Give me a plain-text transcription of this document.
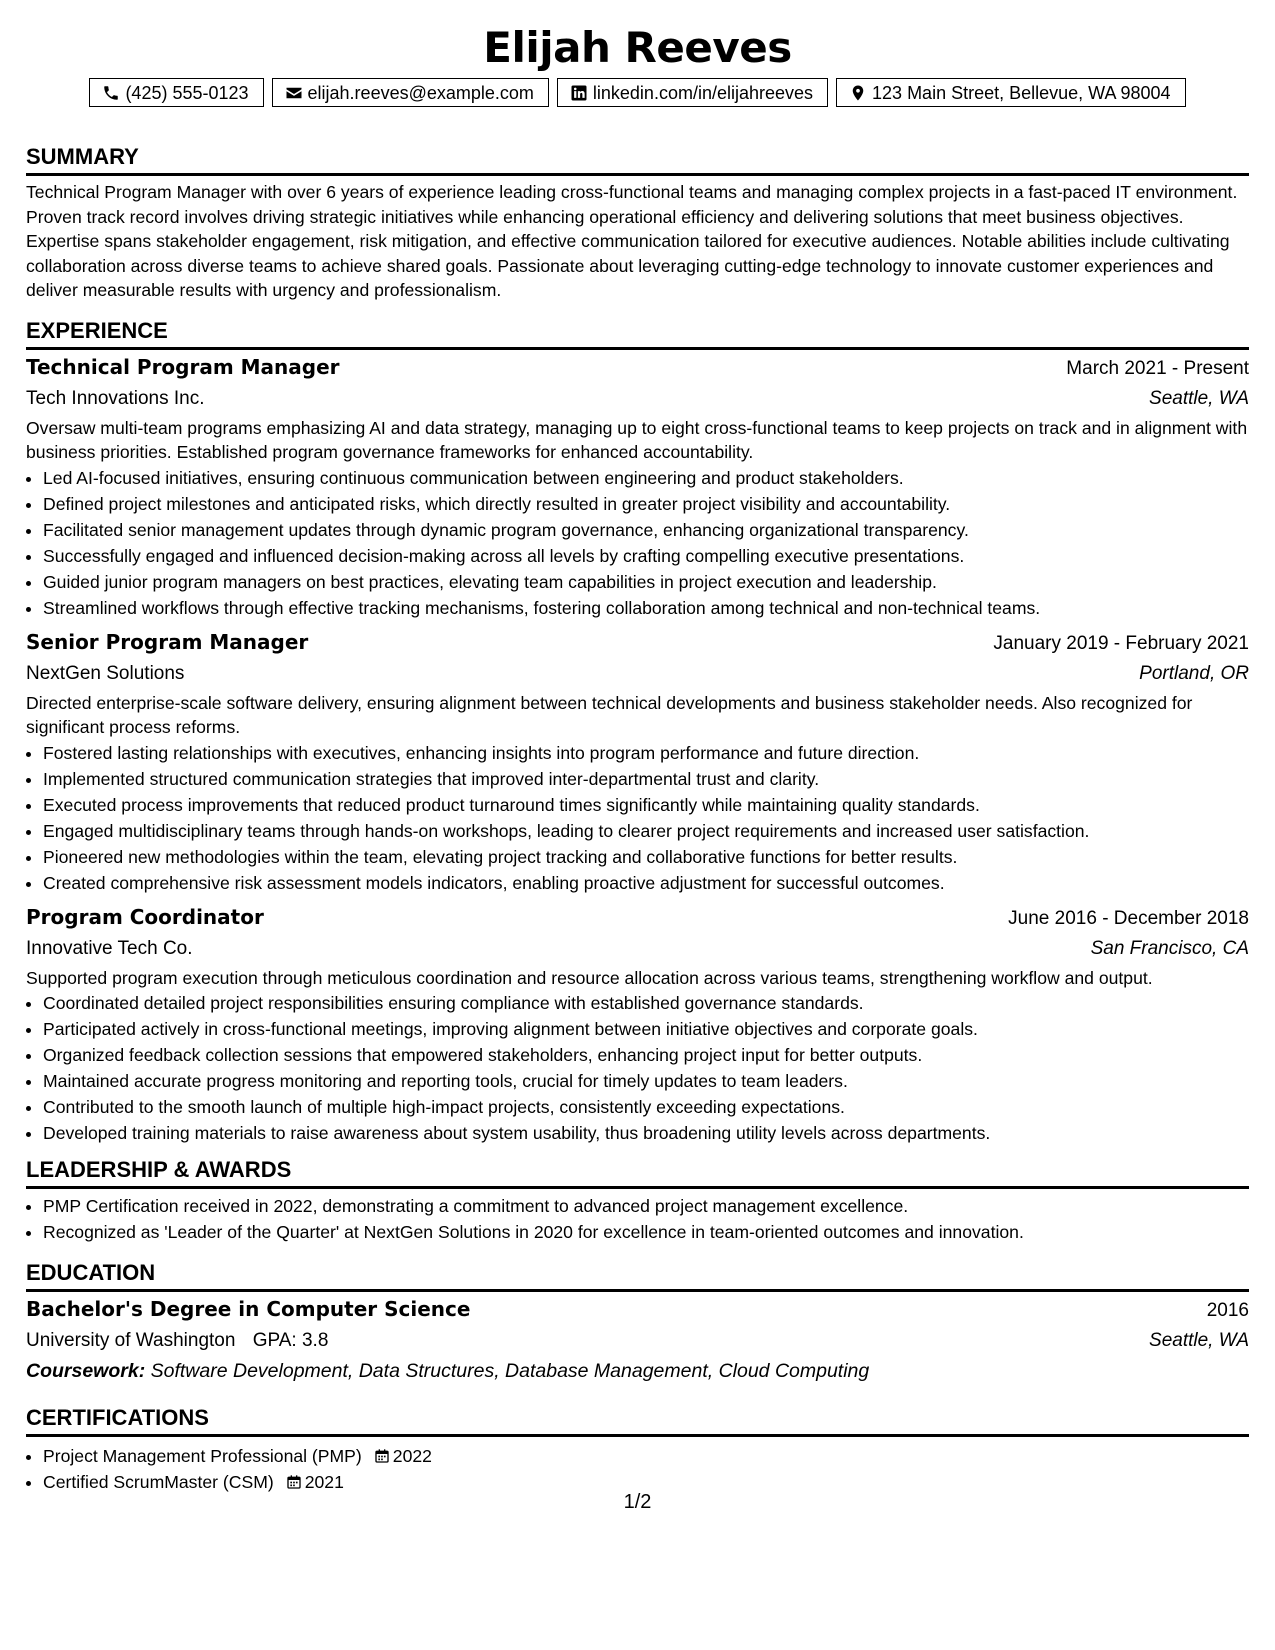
Elijah Reeves
(425) 555-0123	elijah.reeves@example.com	linkedin.com/in/elijahreeves	123 Main Street, Bellevue, WA 98004
SUMMARY

Technical Program Manager with over 6 years of experience leading cross-functional teams and managing complex projects in a fast-paced IT environment. Proven track record involves driving strategic initiatives while enhancing operational efficiency and delivering solutions that meet business objectives. Expertise spans stakeholder engagement, risk mitigation, and effective communication tailored for executive audiences. Notable abilities include cultivating collaboration across diverse teams to achieve shared goals. Passionate about leveraging cutting-edge technology to innovate customer experiences and deliver measurable results with urgency and professionalism.

EXPERIENCE
Technical Program Manager	March 2021 - Present
Tech Innovations Inc.	Seattle, WA

Oversaw multi-team programs emphasizing AI and data strategy, managing up to eight cross-functional teams to keep projects on track and in alignment with business priorities. Established program governance frameworks for enhanced accountability.

• Led AI-focused initiatives, ensuring continuous communication between engineering and product stakeholders.
• Defined project milestones and anticipated risks, which directly resulted in greater project visibility and accountability.
• Facilitated senior management updates through dynamic program governance, enhancing organizational transparency.
• Successfully engaged and influenced decision-making across all levels by crafting compelling executive presentations.
• Guided junior program managers on best practices, elevating team capabilities in project execution and leadership.
• Streamlined workflows through effective tracking mechanisms, fostering collaboration among technical and non-technical teams.
Senior Program Manager	January 2019 - February 2021
NextGen Solutions	Portland, OR

Directed enterprise-scale software delivery, ensuring alignment between technical developments and business stakeholder needs. Also recognized for significant process reforms.

• Fostered lasting relationships with executives, enhancing insights into program performance and future direction.
• Implemented structured communication strategies that improved inter-departmental trust and clarity.
• Executed process improvements that reduced product turnaround times significantly while maintaining quality standards.
• Engaged multidisciplinary teams through hands-on workshops, leading to clearer project requirements and increased user satisfaction.
• Pioneered new methodologies within the team, elevating project tracking and collaborative functions for better results.
• Created comprehensive risk assessment models indicators, enabling proactive adjustment for successful outcomes.
Program Coordinator	June 2016 - December 2018
Innovative Tech Co.	San Francisco, CA

Supported program execution through meticulous coordination and resource allocation across various teams, strengthening workflow and output.

• Coordinated detailed project responsibilities ensuring compliance with established governance standards.
• Participated actively in cross-functional meetings, improving alignment between initiative objectives and corporate goals.
• Organized feedback collection sessions that empowered stakeholders, enhancing project input for better outputs.
• Maintained accurate progress monitoring and reporting tools, crucial for timely updates to team leaders.
• Contributed to the smooth launch of multiple high-impact projects, consistently exceeding expectations.
• Developed training materials to raise awareness about system usability, thus broadening utility levels across departments.
LEADERSHIP & AWARDS
• PMP Certification received in 2022, demonstrating a commitment to advanced project management excellence.
• Recognized as 'Leader of the Quarter' at NextGen Solutions in 2020 for excellence in team-oriented outcomes and innovation.
EDUCATION
Bachelor's Degree in Computer Science	2016
University of Washington GPA: 3.8	Seattle, WA
Coursework: Software Development, Data Structures, Database Management, Cloud Computing
CERTIFICATIONS
• Project Management Professional (PMP) 2022
• Certified ScrumMaster (CSM) 2021
1/2
